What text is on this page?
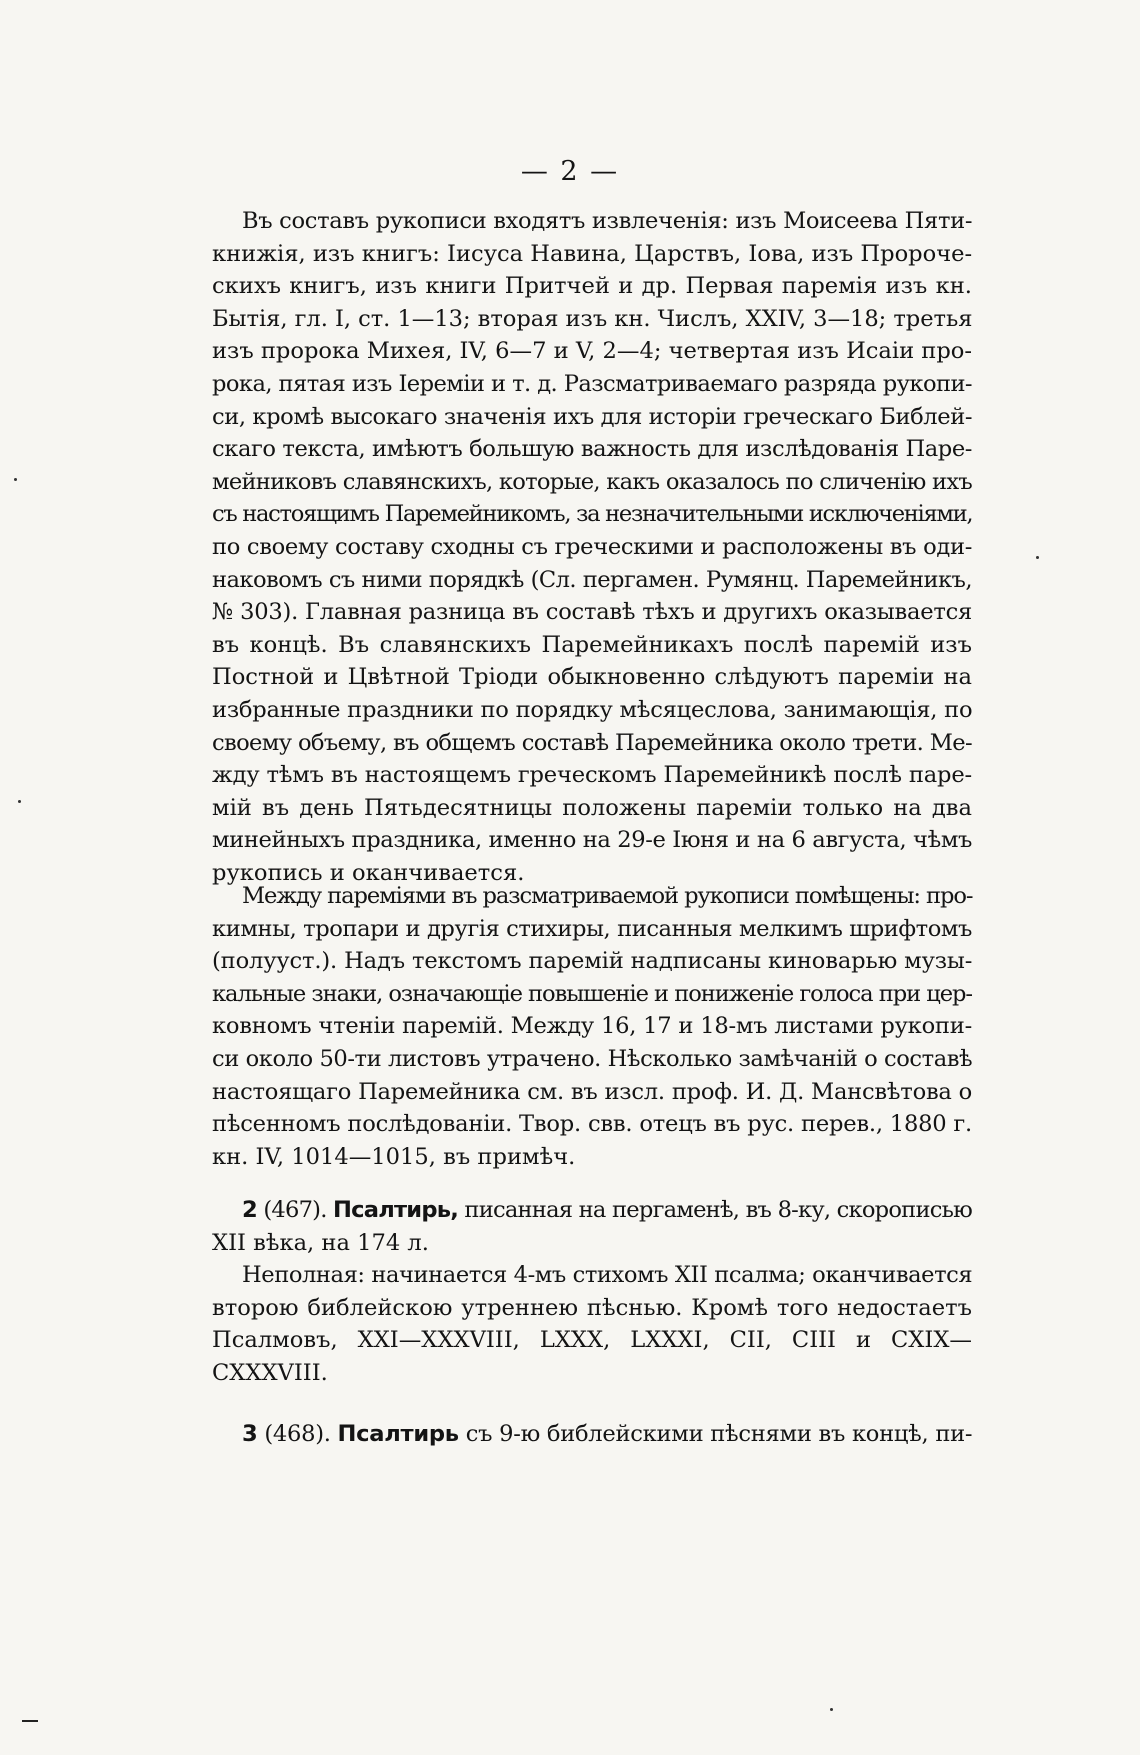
— 2 —
Въ составъ рукописи входятъ извлеченія: изъ Моисеева Пяти-
книжія, изъ книгъ: Іисуса Навина, Царствъ, Іова, изъ Пророче-
скихъ книгъ, изъ книги Притчей и др. Первая паремія изъ кн.
Бытія, гл. I, ст. 1—13; вторая изъ кн. Числъ, XXIV, 3—18; третья
изъ пророка Михея, IV, 6—7 и V, 2—4; четвертая изъ Исаіи про-
рока, пятая изъ Іереміи и т. д. Разсматриваемаго разряда рукопи-
си, кромѣ высокаго значенія ихъ для исторіи греческаго Библей-
скаго текста, имѣютъ большую важность для изслѣдованія Паре-
мейниковъ славянскихъ, которые, какъ оказалось по сличенію ихъ
съ настоящимъ Паремейникомъ, за незначительными исключеніями,
по своему составу сходны съ греческими и расположены въ оди-
наковомъ съ ними порядкѣ (Сл. пергамен. Румянц. Паремейникъ,
№ 303). Главная разница въ составѣ тѣхъ и другихъ оказывается
въ концѣ. Въ славянскихъ Паремейникахъ послѣ паремій изъ
Постной и Цвѣтной Тріоди обыкновенно слѣдуютъ пареміи на
избранные праздники по порядку мѣсяцеслова, занимающія, по
своему объему, въ общемъ составѣ Паремейника около трети. Ме-
жду тѣмъ въ настоящемъ греческомъ Паремейникѣ послѣ паре-
мій въ день Пятьдесятницы положены пареміи только на два
минейныхъ праздника, именно на 29-е Іюня и на 6 августа, чѣмъ
рукопись и оканчивается.
Между пареміями въ разсматриваемой рукописи помѣщены: про-
кимны, тропари и другія стихиры, писанныя мелкимъ шрифтомъ
(полууст.). Надъ текстомъ паремій надписаны киноварью музы-
кальные знаки, означающіе повышеніе и пониженіе голоса при цер-
ковномъ чтеніи паремій. Между 16, 17 и 18-мъ листами рукопи-
си около 50-ти листовъ утрачено. Нѣсколько замѣчаній о составѣ
настоящаго Паремейника см. въ изсл. проф. И. Д. Мансвѣтова о
пѣсенномъ послѣдованіи. Твор. свв. отецъ въ рус. перев., 1880 г.
кн. IV, 1014—1015, въ примѣч.
2 (467). Псалтирь, писанная на пергаменѣ, въ 8-ку, скорописью
XII вѣка, на 174 л.
Неполная: начинается 4-мъ стихомъ XII псалма; оканчивается
второю библейскою утреннею пѣснью. Кромѣ того недостаетъ
Псалмовъ, XXI—XXXVIII, LXXX, LXXXI, CII, CIII и CXIX—
CXXXVIII.
3 (468). Псалтирь съ 9-ю библейскими пѣснями въ концѣ, пи-
